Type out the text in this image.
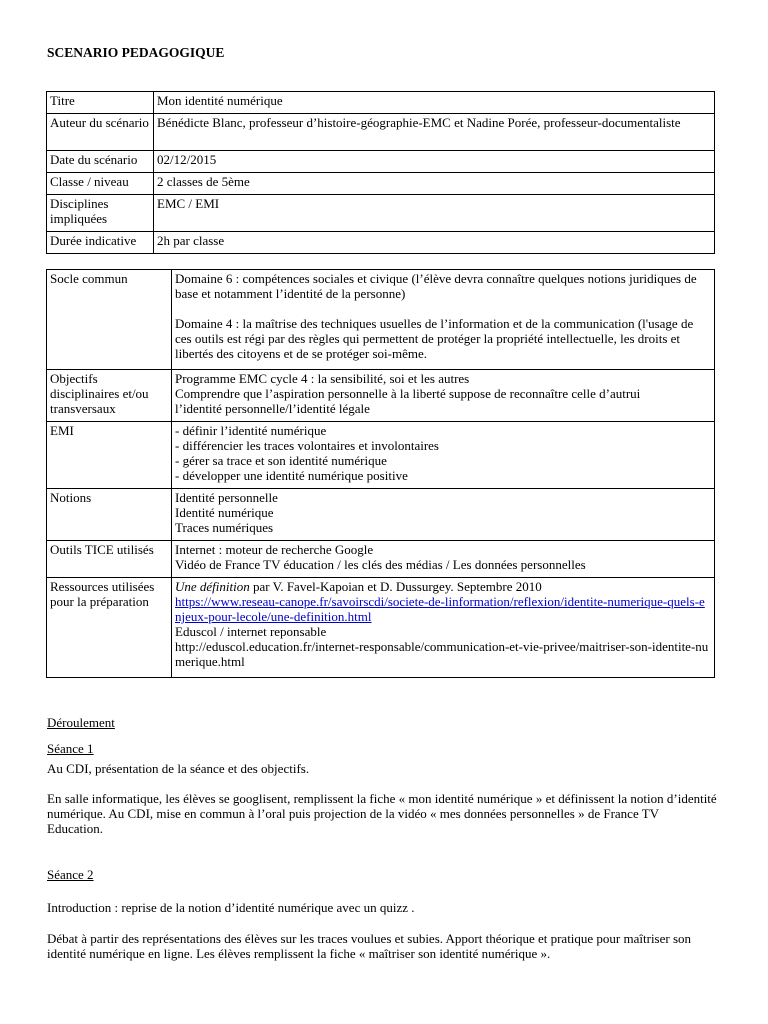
SCENARIO PEDAGOGIQUE
Titre	Mon identité numérique
Auteur du scénario	Bénédicte Blanc, professeur d’histoire-géographie-EMC et Nadine Porée, professeur-documentaliste
Date du scénario	02/12/2015
Classe / niveau	2 classes de 5ème
Disciplines impliquées	EMC / EMI
Durée indicative	2h par classe
Socle commun	Domaine 6 : compétences sociales et civique (l’élève devra connaître quelques notions juridiques de base et notamment l’identité de la personne)

Domaine 4 : la maîtrise des techniques usuelles de l’information et de la communication (l'usage de ces outils est régi par des règles qui permettent de protéger la propriété intellectuelle, les droits et libertés des citoyens et de se protéger soi-même.

Objectifs disciplinaires et/ou transversaux	Programme EMC cycle 4 : la sensibilité, soi et les autres
Comprendre que l’aspiration personnelle à la liberté suppose de reconnaître celle d’autrui
l’identité personnelle/l’identité légale

EMI	- définir l’identité numérique
- différencier les traces volontaires et involontaires
- gérer sa trace et son identité numérique
- développer une identité numérique positive

Notions	Identité personnelle
Identité numérique
Traces numériques

Outils TICE utilisés	Internet : moteur de recherche Google
Vidéo de France TV éducation / les clés des médias / Les données personnelles

Ressources utilisées pour la préparation	Une définition par V. Favel-Kapoian et D. Dussurgey. Septembre 2010
https://www.reseau-canope.fr/savoirscdi/societe-de-linformation/reflexion/identite-numerique-quels-enjeux-pour-lecole/une-definition.html
Eduscol / internet reponsable
http://eduscol.education.fr/internet-responsable/communication-et-vie-privee/maitriser-son-identite-numerique.html
Déroulement
Séance 1
Au CDI, présentation de la séance et des objectifs.
En salle informatique, les élèves se googlisent, remplissent la fiche « mon identité numérique » et définissent la notion d’identité numérique. Au CDI, mise en commun à l’oral puis projection de la vidéo « mes données personnelles » de France TV Education.
Séance 2
Introduction : reprise de la notion d’identité numérique avec un quizz .
Débat à partir des représentations des élèves sur les traces voulues et subies. Apport théorique et pratique pour maîtriser son identité numérique en ligne. Les élèves remplissent la fiche « maîtriser son identité numérique ».
